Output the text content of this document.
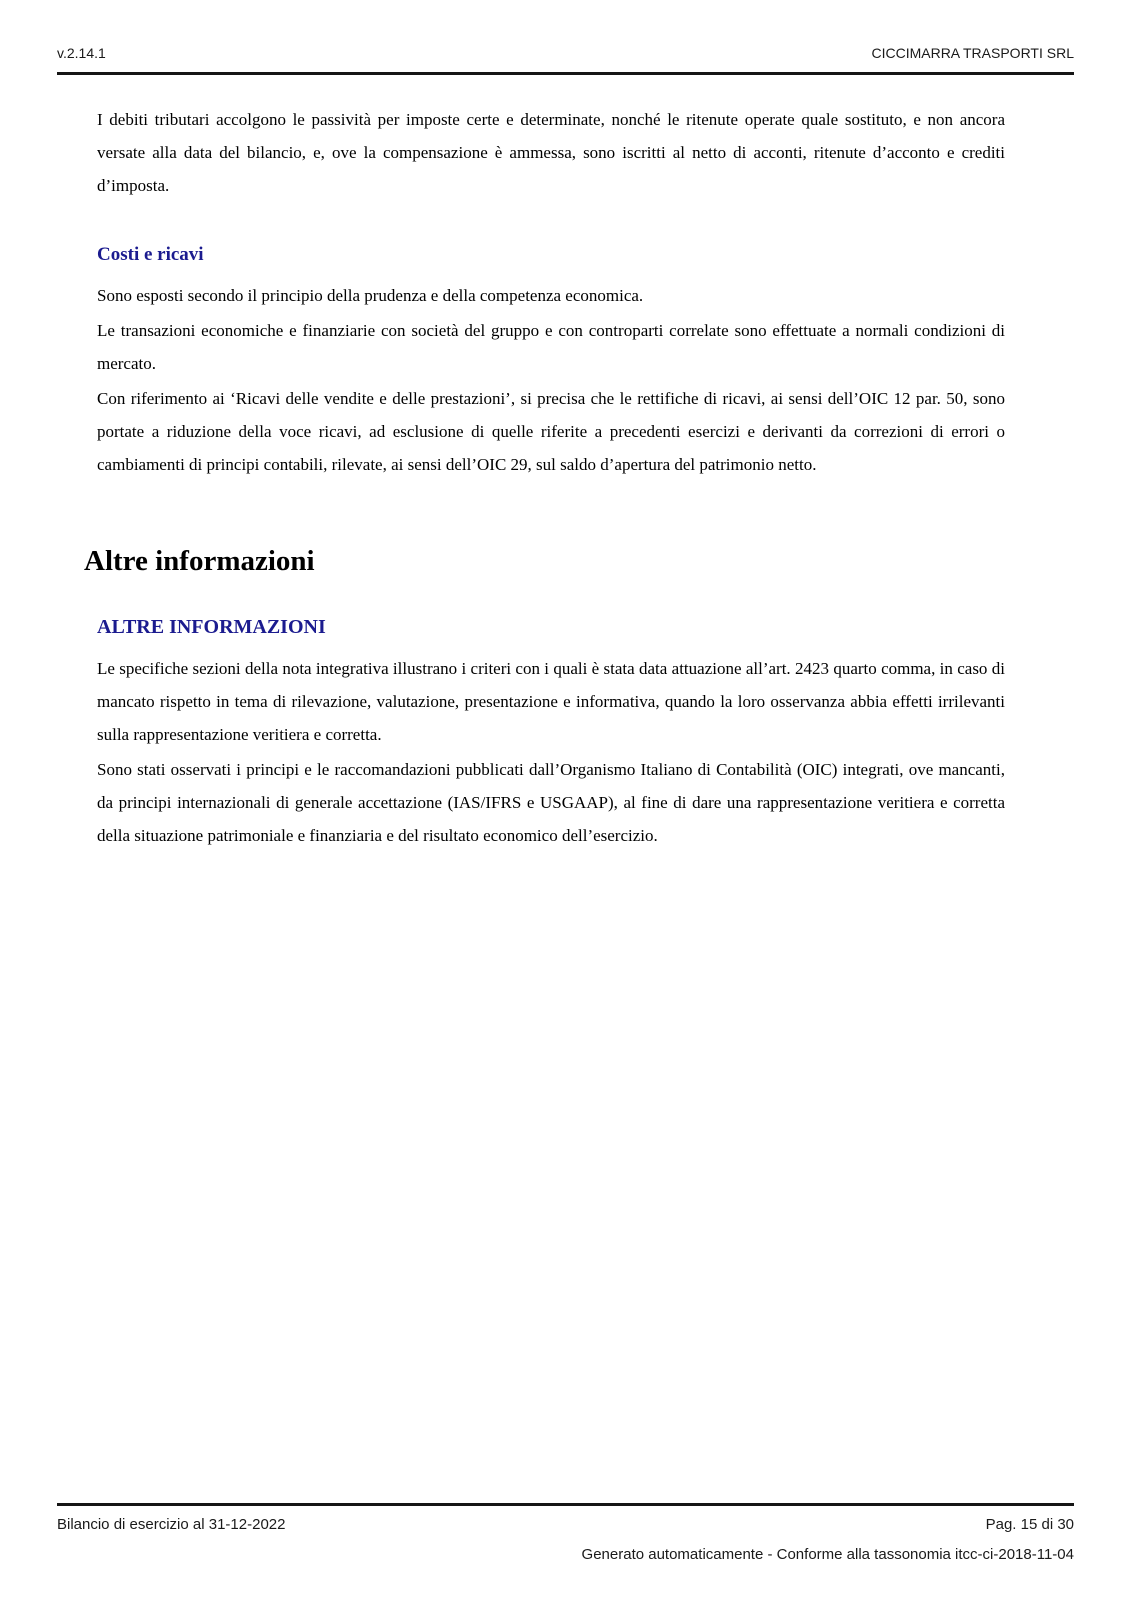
v.2.14.1	CICCIMARRA TRASPORTI SRL

I debiti tributari accolgono le passività per imposte certe e determinate, nonché le ritenute operate quale sostituto, e non ancora versate alla data del bilancio, e, ove la compensazione è ammessa, sono iscritti al netto di acconti, ritenute d’acconto e crediti d’imposta.

Costi e ricavi

Sono esposti secondo il principio della prudenza e della competenza economica.

Le transazioni economiche e finanziarie con società del gruppo e con controparti correlate sono effettuate a normali condizioni di mercato.

Con riferimento ai ‘Ricavi delle vendite e delle prestazioni’, si precisa che le rettifiche di ricavi, ai sensi dell’OIC 12 par. 50, sono portate a riduzione della voce ricavi, ad esclusione di quelle riferite a precedenti esercizi e derivanti da correzioni di errori o cambiamenti di principi contabili, rilevate, ai sensi dell’OIC 29, sul saldo d’apertura del patrimonio netto.

Altre informazioni
ALTRE INFORMAZIONI

Le specifiche sezioni della nota integrativa illustrano i criteri con i quali è stata data attuazione all’art. 2423 quarto comma, in caso di mancato rispetto in tema di rilevazione, valutazione, presentazione e informativa, quando la loro osservanza abbia effetti irrilevanti sulla rappresentazione veritiera e corretta.

Sono stati osservati i principi e le raccomandazioni pubblicati dall’Organismo Italiano di Contabilità (OIC) integrati, ove mancanti, da principi internazionali di generale accettazione (IAS/IFRS e USGAAP), al fine di dare una rappresentazione veritiera e corretta della situazione patrimoniale e finanziaria e del risultato economico dell’esercizio.

Bilancio di esercizio al 31-12-2022	Pag. 15 di 30
Generato automaticamente - Conforme alla tassonomia itcc-ci-2018-11-04
